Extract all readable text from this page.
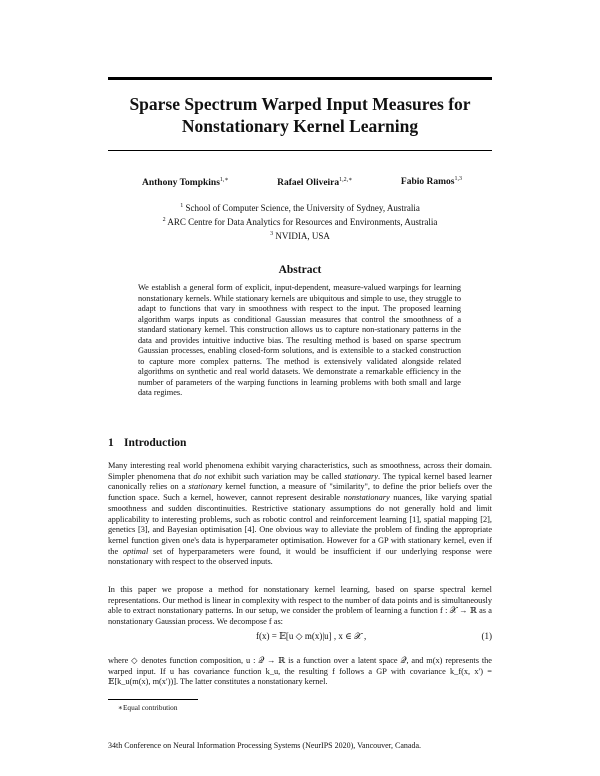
Sparse Spectrum Warped Input Measures for
Nonstationary Kernel Learning
Anthony Tompkins$^{1,∗}$	Rafael Oliveira$^{1,2,∗}$	Fabio Ramos$^{1,3}$
$^1$ School of Computer Science, the University of Sydney, Australia
$^2$ ARC Centre for Data Analytics for Resources and Environments, Australia
$^3$ NVIDIA, USA
Abstract
We establish a general form of explicit, input-dependent, measure-valued warpings for learning nonstationary kernels. While stationary kernels are ubiquitous and simple to use, they struggle to adapt to functions that vary in smoothness with respect to the input. The proposed learning algorithm warps inputs as conditional Gaussian measures that control the smoothness of a standard stationary kernel. This construction allows us to capture non-stationary patterns in the data and provides intuitive inductive bias. The resulting method is based on sparse spectrum Gaussian processes, enabling closed-form solutions, and is extensible to a stacked construction to capture more complex patterns. The method is extensively validated alongside related algorithms on synthetic and real world datasets. We demonstrate a remarkable efficiency in the number of parameters of the warping functions in learning problems with both small and large data regimes.
1 Introduction
Many interesting real world phenomena exhibit varying characteristics, such as smoothness, across their domain. Simpler phenomena that do not exhibit such variation may be called stationary. The typical kernel based learner canonically relies on a stationary kernel function, a measure of "similarity", to define the prior beliefs over the function space. Such a kernel, however, cannot represent desirable nonstationary nuances, like varying spatial smoothness and sudden discontinuities. Restrictive stationary assumptions do not generally hold and limit applicability to interesting problems, such as robotic control and reinforcement learning [1], spatial mapping [2], genetics [3], and Bayesian optimisation [4]. One obvious way to alleviate the problem of finding the appropriate kernel function given one's data is hyperparameter optimisation. However for a GP with stationary kernel, even if the optimal set of hyperparameters were found, it would be insufficient if our underlying response were nonstationary with respect to the observed inputs.
In this paper we propose a method for nonstationary kernel learning, based on sparse spectral kernel representations. Our method is linear in complexity with respect to the number of data points and is simultaneously able to extract nonstationary patterns. In our setup, we consider the problem of learning a function f : 𝒳 → ℝ as a nonstationary Gaussian process. We decompose f as:
f(x) = 𝔼[u ◇ m(x)|u] , x ∈ 𝒳 ,	(1)
where ◇ denotes function composition, u : 𝒬 → ℝ is a function over a latent space 𝒬, and m(x) represents the warped input. If u has covariance function k_u, the resulting f follows a GP with covariance k_f(x, x′) = 𝔼[k_u(m(x), m(x′))]. The latter constitutes a nonstationary kernel.
∗Equal contribution
34th Conference on Neural Information Processing Systems (NeurIPS 2020), Vancouver, Canada.
